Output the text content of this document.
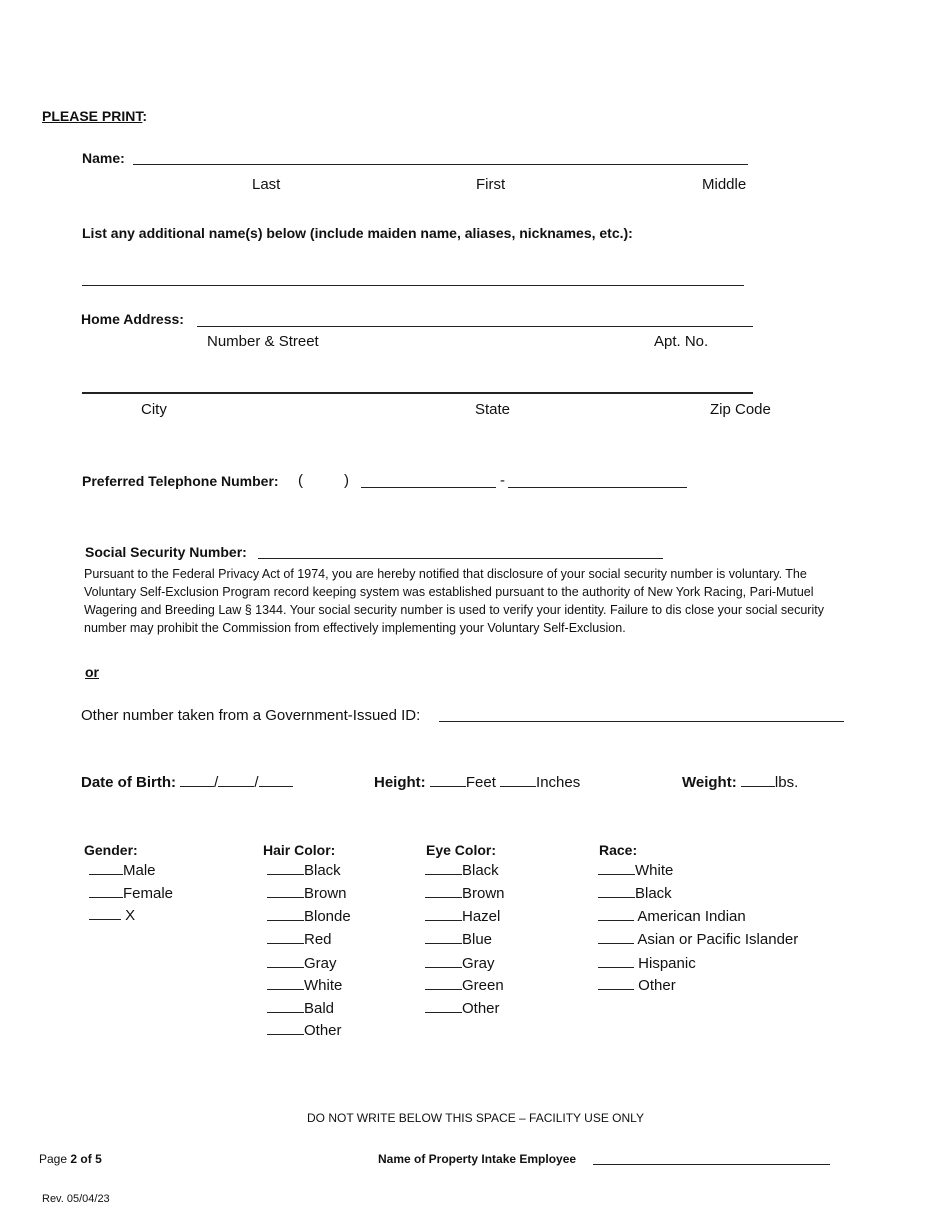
PLEASE PRINT:
Name:
Last	First	Middle
List any additional name(s) below (include maiden name, aliases, nicknames, etc.):
Home Address:
Number & Street	Apt. No.
City	State	Zip Code
Preferred Telephone Number: (	)	-
Social Security Number:
Pursuant to the Federal Privacy Act of 1974, you are hereby notified that disclosure of your social security number is voluntary. The Voluntary Self-Exclusion Program record keeping system was established pursuant to the authority of New York Racing, Pari-Mutuel Wagering and Breeding Law § 1344. Your social security number is used to verify your identity. Failure to dis close your social security number may prohibit the Commission from effectively implementing your Voluntary Self-Exclusion.
or
Other number taken from a Government-Issued ID:
Date of Birth:	/ /	Height:	Feet	Inches	Weight:	lbs.
Gender:
Male
Female
X
Hair Color:
Black
Brown
Blonde
Red
Gray
White
Bald
Other
Eye Color:
Black
Brown
Hazel
Blue
Gray
Green
Other
Race:
White
Black
American Indian
Asian or Pacific Islander
Hispanic
Other
DO NOT WRITE BELOW THIS SPACE – FACILITY USE ONLY
Page 2 of 5	Name of Property Intake Employee
Rev. 05/04/23
